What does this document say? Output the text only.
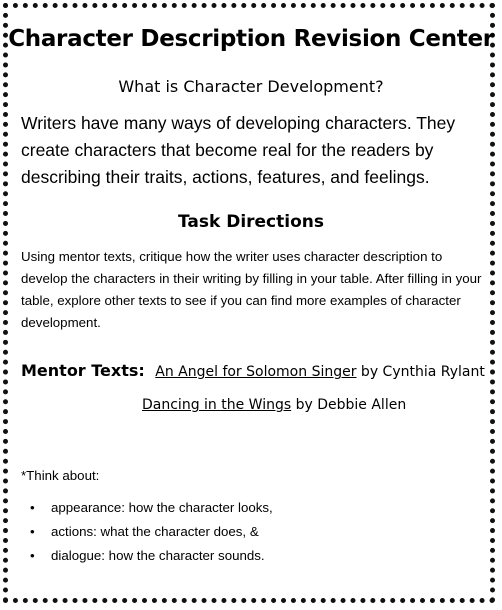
Character Description Revision Center
What is Character Development?
Writers have many ways of developing characters. They create characters that become real for the readers by describing their traits, actions, features, and feelings.
Task Directions
Using mentor texts, critique how the writer uses character description to develop the characters in their writing by filling in your table. After filling in your table, explore other texts to see if you can find more examples of character development.
Mentor Texts: An Angel for Solomon Singer by Cynthia Rylant
Dancing in the Wings by Debbie Allen
*Think about:
•	appearance: how the character looks,
•	actions: what the character does, &
•	dialogue: how the character sounds.
